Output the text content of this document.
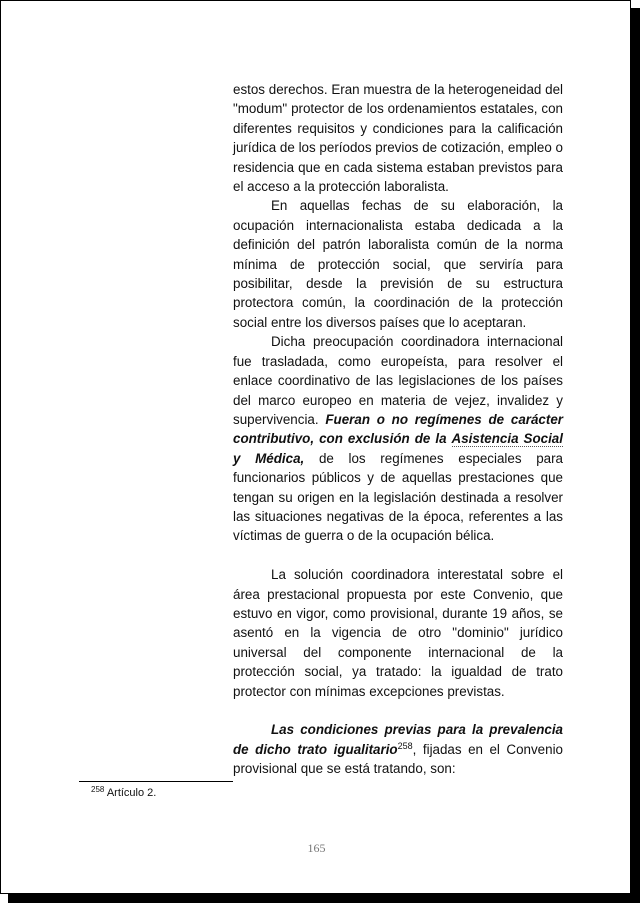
estos derechos. Eran muestra de la heterogeneidad del "modum" protector de los ordenamientos estatales, con diferentes requisitos y condiciones para la calificación jurídica de los períodos previos de cotización, empleo o residencia que en cada sistema estaban previstos para el acceso a la protección laboralista.

En aquellas fechas de su elaboración, la ocupación internacionalista estaba dedicada a la definición del patrón laboralista común de la norma mínima de protección social, que serviría para posibilitar, desde la previsión de su estructura protectora común, la coordinación de la protección social entre los diversos países que lo aceptaran.

Dicha preocupación coordinadora internacional fue trasladada, como europeísta, para resolver el enlace coordinativo de las legislaciones de los países del marco europeo en materia de vejez, invalidez y supervivencia. Fueran o no regímenes de carácter contributivo, con exclusión de la Asistencia Social y Médica, de los regímenes especiales para funcionarios públicos y de aquellas prestaciones que tengan su origen en la legislación destinada a resolver las situaciones negativas de la época, referentes a las víctimas de guerra o de la ocupación bélica.

La solución coordinadora interestatal sobre el área prestacional propuesta por este Convenio, que estuvo en vigor, como provisional, durante 19 años, se asentó en la vigencia de otro "dominio" jurídico universal del componente internacional de la protección social, ya tratado: la igualdad de trato protector con mínimas excepciones previstas.

Las condiciones previas para la prevalencia de dicho trato igualitario$^{258}$, fijadas en el Convenio provisional que se está tratando, son:

$^{258}$ Artículo 2.
165
